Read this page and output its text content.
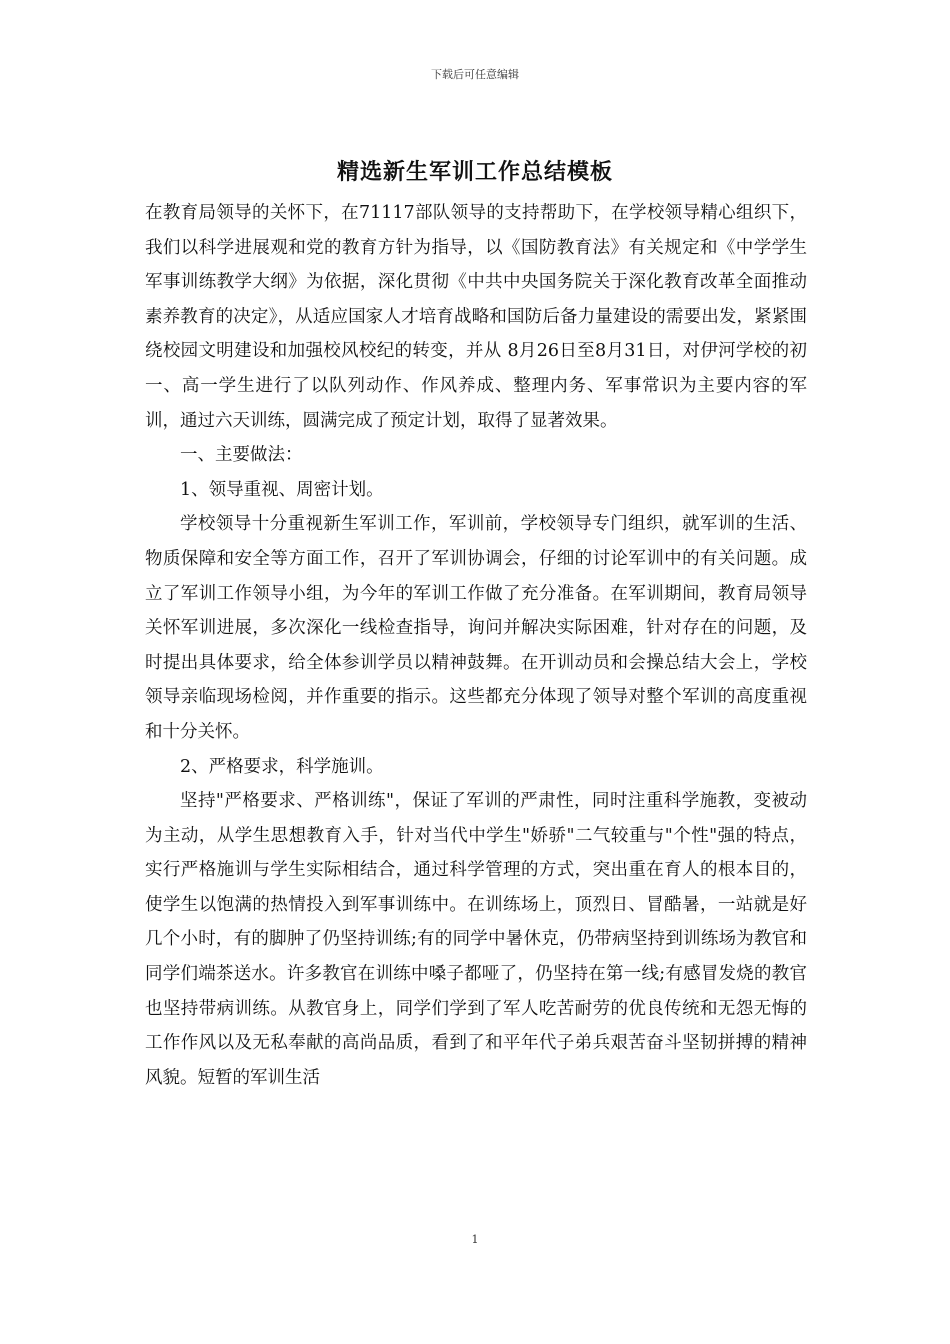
下载后可任意编辑
精选新生军训工作总结模板

在教育局领导的关怀下，在71117部队领导的支持帮助下，在学校领导精心组织下，我们以科学进展观和党的教育方针为指导，以《国防教育法》有关规定和《中学学生军事训练教学大纲》为依据，深化贯彻《中共中央国务院关于深化教育改革全面推动素养教育的决定》，从适应国家人才培育战略和国防后备力量建设的需要出发，紧紧围绕校园文明建设和加强校风校纪的转变，并从 8月26日至8月31日，对伊河学校的初一、高一学生进行了以队列动作、作风养成、整理内务、军事常识为主要内容的军训，通过六天训练，圆满完成了预定计划，取得了显著效果。

一、主要做法：

1、领导重视、周密计划。

学校领导十分重视新生军训工作，军训前，学校领导专门组织，就军训的生活、物质保障和安全等方面工作，召开了军训协调会，仔细的讨论军训中的有关问题。成立了军训工作领导小组，为今年的军训工作做了充分准备。在军训期间，教育局领导关怀军训进展，多次深化一线检查指导，询问并解决实际困难，针对存在的问题，及时提出具体要求，给全体参训学员以精神鼓舞。在开训动员和会操总结大会上，学校领导亲临现场检阅，并作重要的指示。这些都充分体现了领导对整个军训的高度重视和十分关怀。

2、严格要求，科学施训。

坚持"严格要求、严格训练"，保证了军训的严肃性，同时注重科学施教，变被动为主动，从学生思想教育入手，针对当代中学生"娇骄"二气较重与"个性"强的特点，实行严格施训与学生实际相结合，通过科学管理的方式，突出重在育人的根本目的，使学生以饱满的热情投入到军事训练中。在训练场上，顶烈日、冒酷暑，一站就是好几个小时，有的脚肿了仍坚持训练;有的同学中暑休克，仍带病坚持到训练场为教官和同学们端茶送水。许多教官在训练中嗓子都哑了，仍坚持在第一线;有感冒发烧的教官也坚持带病训练。从教官身上，同学们学到了军人吃苦耐劳的优良传统和无怨无悔的工作作风以及无私奉献的高尚品质，看到了和平年代子弟兵艰苦奋斗坚韧拼搏的精神风貌。短暂的军训生活

1
